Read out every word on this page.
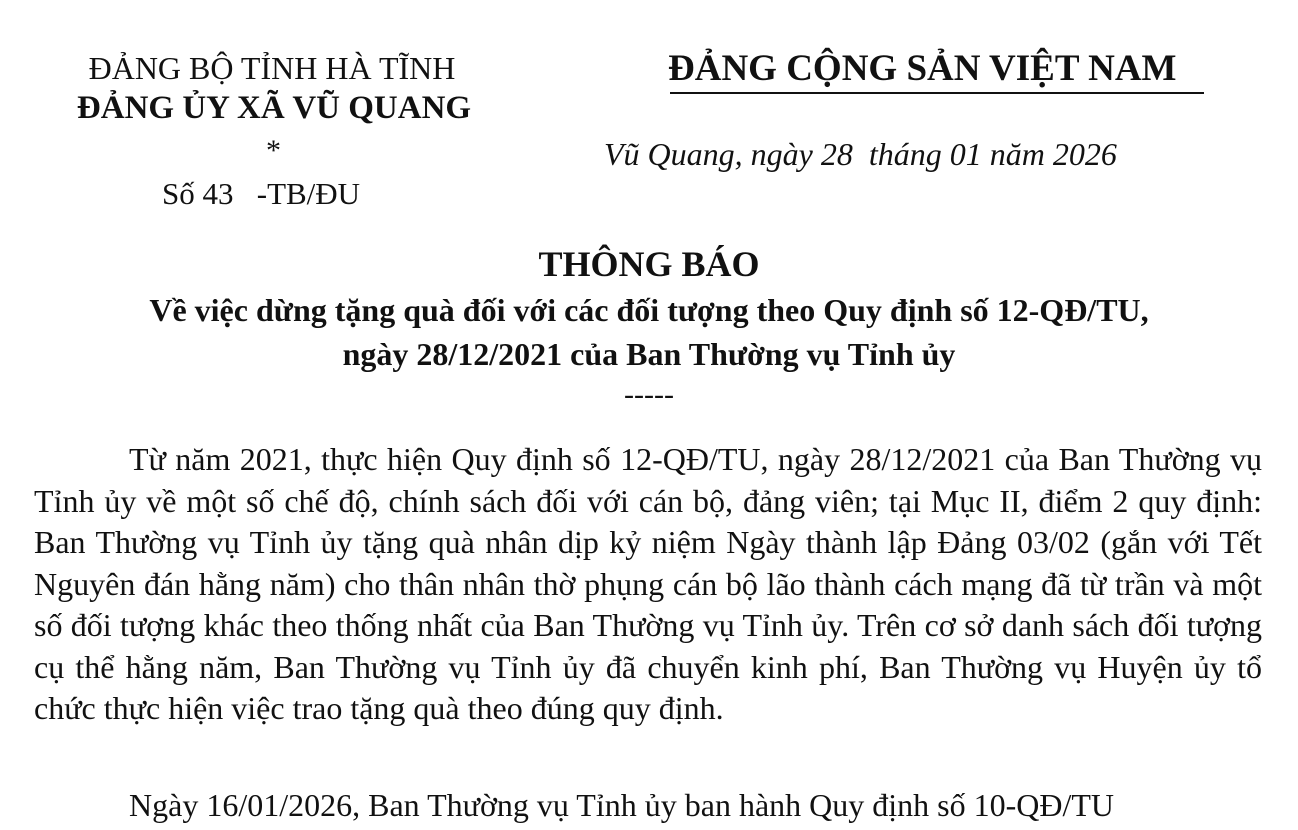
ĐẢNG BỘ TỈNH HÀ TĨNH
ĐẢNG ỦY XÃ VŨ QUANG
*
Số 43   -TB/ĐU
ĐẢNG CỘNG SẢN VIỆT NAM
Vũ Quang, ngày 28  tháng 01 năm 2026
THÔNG BÁO
Về việc dừng tặng quà đối với các đối tượng theo Quy định số 12-QĐ/TU,
ngày 28/12/2021 của Ban Thường vụ Tỉnh ủy
-----
Từ năm 2021, thực hiện Quy định số 12-QĐ/TU, ngày 28/12/2021 của Ban Thường vụ Tỉnh ủy về một số chế độ, chính sách đối với cán bộ, đảng viên; tại Mục II, điểm 2 quy định: Ban Thường vụ Tỉnh ủy tặng quà nhân dịp kỷ niệm Ngày thành lập Đảng 03/02 (gắn với Tết Nguyên đán hằng năm) cho thân nhân thờ phụng cán bộ lão thành cách mạng đã từ trần và một số đối tượng khác theo thống nhất của Ban Thường vụ Tỉnh ủy. Trên cơ sở danh sách đối tượng cụ thể hằng năm, Ban Thường vụ Tỉnh ủy đã chuyển kinh phí, Ban Thường vụ Huyện ủy tổ chức thực hiện việc trao tặng quà theo đúng quy định.
Ngày 16/01/2026, Ban Thường vụ Tỉnh ủy ban hành Quy định số 10-QĐ/TU
